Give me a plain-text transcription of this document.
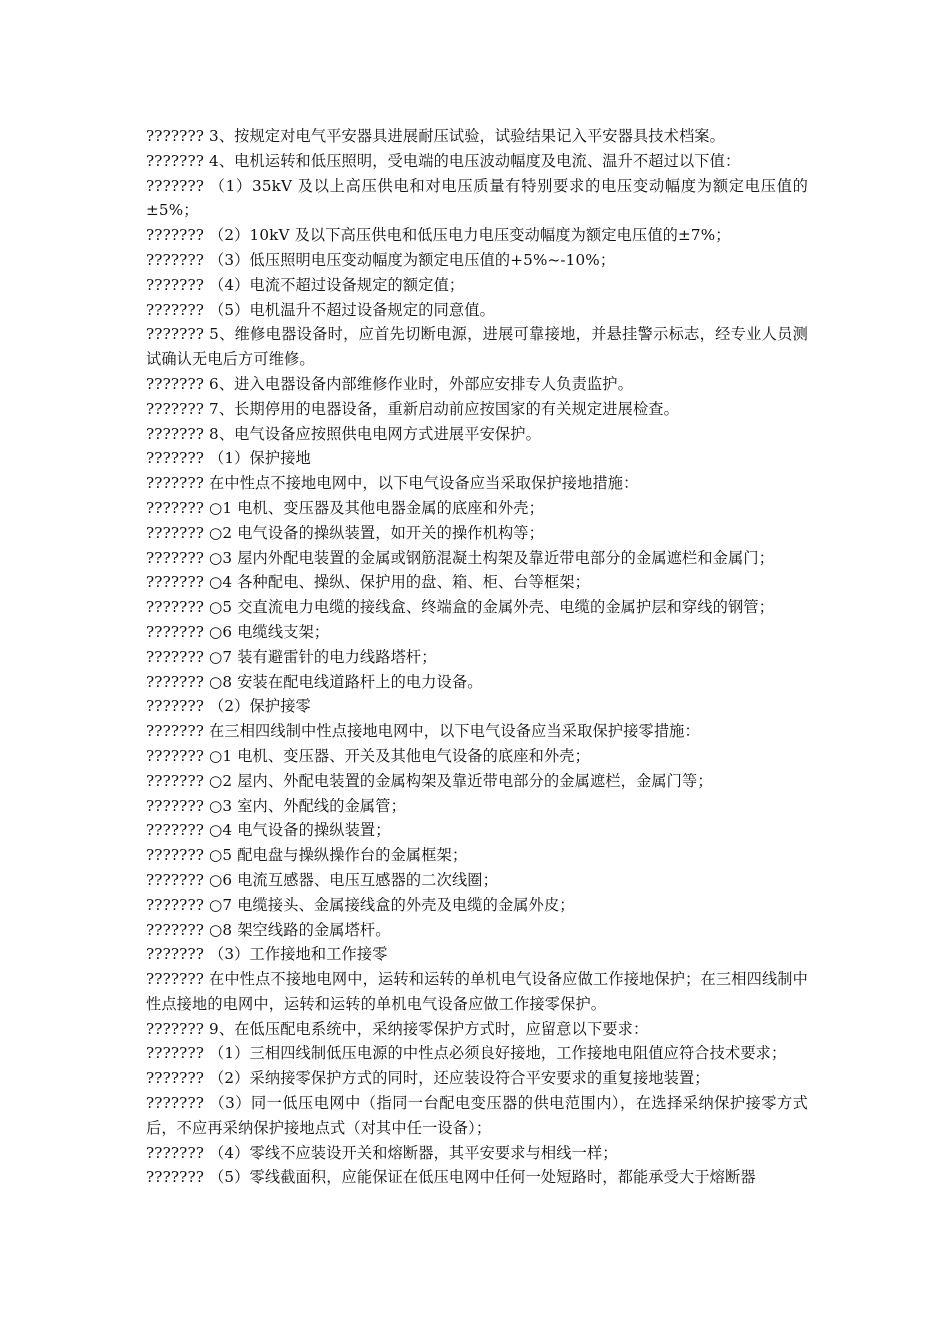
??????? 3、按规定对电气平安器具进展耐压试验，试验结果记入平安器具技术档案。

??????? 4、电机运转和低压照明，受电端的电压波动幅度及电流、温升不超过以下值：

??????? （1）35kV 及以上高压供电和对电压质量有特别要求的电压变动幅度为额定电压值的±5%；

??????? （2）10kV 及以下高压供电和低压电力电压变动幅度为额定电压值的±7%；

??????? （3）低压照明电压变动幅度为额定电压值的+5%~-10%；

??????? （4）电流不超过设备规定的额定值；

??????? （5）电机温升不超过设备规定的同意值。

??????? 5、维修电器设备时，应首先切断电源，进展可靠接地，并悬挂警示标志，经专业人员测试确认无电后方可维修。

??????? 6、进入电器设备内部维修作业时，外部应安排专人负责监护。

??????? 7、长期停用的电器设备，重新启动前应按国家的有关规定进展检查。

??????? 8、电气设备应按照供电电网方式进展平安保护。

??????? （1）保护接地

??????? 在中性点不接地电网中，以下电气设备应当采取保护接地措施：

??????? ○1 电机、变压器及其他电器金属的底座和外壳；

??????? ○2 电气设备的操纵装置，如开关的操作机构等；

??????? ○3 屋内外配电装置的金属或钢筋混凝土构架及靠近带电部分的金属遮栏和金属门；

??????? ○4 各种配电、操纵、保护用的盘、箱、柜、台等框架；

??????? ○5 交直流电力电缆的接线盒、终端盒的金属外壳、电缆的金属护层和穿线的钢管；

??????? ○6 电缆线支架；

??????? ○7 装有避雷针的电力线路塔杆；

??????? ○8 安装在配电线道路杆上的电力设备。

??????? （2）保护接零

??????? 在三相四线制中性点接地电网中，以下电气设备应当采取保护接零措施：

??????? ○1 电机、变压器、开关及其他电气设备的底座和外壳；

??????? ○2 屋内、外配电装置的金属构架及靠近带电部分的金属遮栏，金属门等；

??????? ○3 室内、外配线的金属管；

??????? ○4 电气设备的操纵装置；

??????? ○5 配电盘与操纵操作台的金属框架；

??????? ○6 电流互感器、电压互感器的二次线圈；

??????? ○7 电缆接头、金属接线盒的外壳及电缆的金属外皮；

??????? ○8 架空线路的金属塔杆。

??????? （3）工作接地和工作接零

??????? 在中性点不接地电网中，运转和运转的单机电气设备应做工作接地保护；在三相四线制中性点接地的电网中，运转和运转的单机电气设备应做工作接零保护。

??????? 9、在低压配电系统中，采纳接零保护方式时，应留意以下要求：

??????? （1）三相四线制低压电源的中性点必须良好接地，工作接地电阻值应符合技术要求；

??????? （2）采纳接零保护方式的同时，还应装设符合平安要求的重复接地装置；

??????? （3）同一低压电网中（指同一台配电变压器的供电范围内），在选择采纳保护接零方式后，不应再采纳保护接地点式（对其中任一设备）；

??????? （4）零线不应装设开关和熔断器，其平安要求与相线一样；

??????? （5）零线截面积，应能保证在低压电网中任何一处短路时，都能承受大于熔断器
